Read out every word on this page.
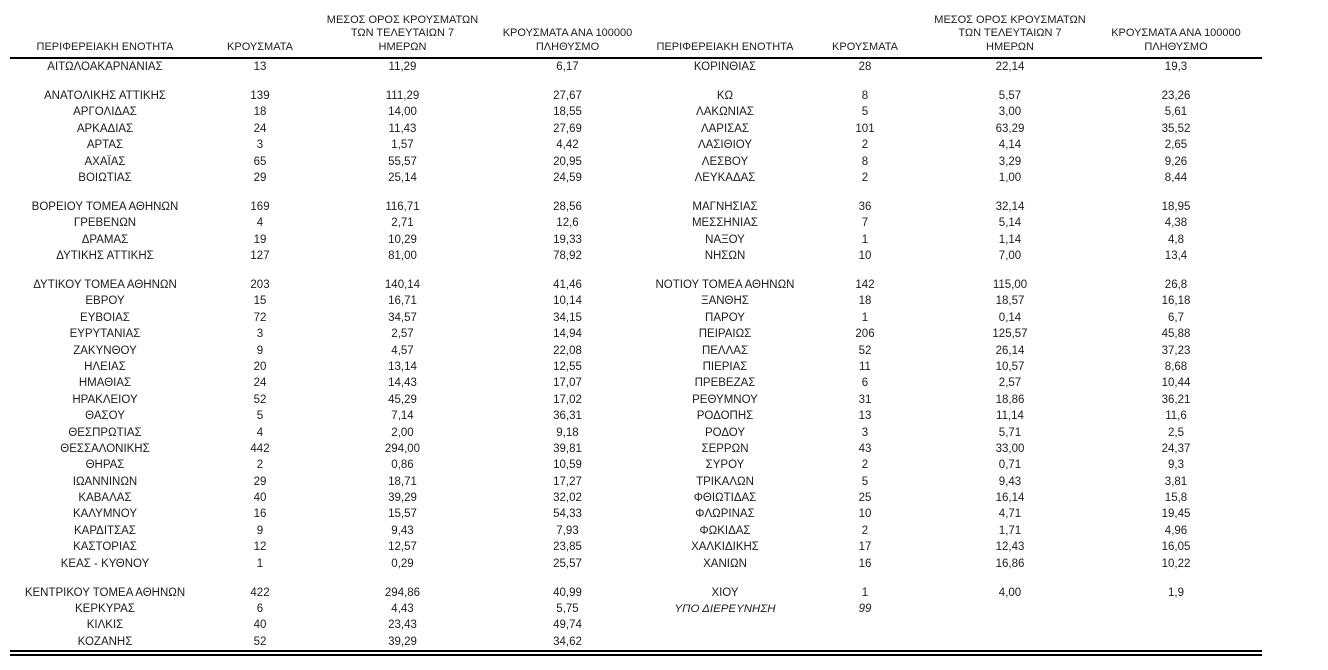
ΠΕΡΙΦΕΡΕΙΑΚΗ ΕΝΟΤΗΤΑ	ΚΡΟΥΣΜΑΤΑ	ΜΕΣΟΣ ΟΡΟΣ ΚΡΟΥΣΜΑΤΩΝ
ΤΩΝ ΤΕΛΕΥΤΑΙΩΝ 7
ΗΜΕΡΩΝ	ΚΡΟΥΣΜΑΤΑ ΑΝΑ 100000
ΠΛΗΘΥΣΜΟ	ΠΕΡΙΦΕΡΕΙΑΚΗ ΕΝΟΤΗΤΑ	ΚΡΟΥΣΜΑΤΑ	ΜΕΣΟΣ ΟΡΟΣ ΚΡΟΥΣΜΑΤΩΝ
ΤΩΝ ΤΕΛΕΥΤΑΙΩΝ 7
ΗΜΕΡΩΝ	ΚΡΟΥΣΜΑΤΑ ΑΝΑ 100000
ΠΛΗΘΥΣΜΟ
ΑΙΤΩΛΟΑΚΑΡΝΑΝΙΑΣ	13	11,29	6,17	ΚΟΡΙΝΘΙΑΣ	28	22,14	19,3

ΑΝΑΤΟΛΙΚΗΣ ΑΤΤΙΚΗΣ	139	111,29	27,67	ΚΩ	8	5,57	23,26
ΑΡΓΟΛΙΔΑΣ	18	14,00	18,55	ΛΑΚΩΝΙΑΣ	5	3,00	5,61
ΑΡΚΑΔΙΑΣ	24	11,43	27,69	ΛΑΡΙΣΑΣ	101	63,29	35,52
ΑΡΤΑΣ	3	1,57	4,42	ΛΑΣΙΘΙΟΥ	2	4,14	2,65
ΑΧΑΪΑΣ	65	55,57	20,95	ΛΕΣΒΟΥ	8	3,29	9,26
ΒΟΙΩΤΙΑΣ	29	25,14	24,59	ΛΕΥΚΑΔΑΣ	2	1,00	8,44

ΒΟΡΕΙΟΥ ΤΟΜΕΑ ΑΘΗΝΩΝ	169	116,71	28,56	ΜΑΓΝΗΣΙΑΣ	36	32,14	18,95
ΓΡΕΒΕΝΩΝ	4	2,71	12,6	ΜΕΣΣΗΝΙΑΣ	7	5,14	4,38
ΔΡΑΜΑΣ	19	10,29	19,33	ΝΑΞΟΥ	1	1,14	4,8
ΔΥΤΙΚΗΣ ΑΤΤΙΚΗΣ	127	81,00	78,92	ΝΗΣΩΝ	10	7,00	13,4

ΔΥΤΙΚΟΥ ΤΟΜΕΑ ΑΘΗΝΩΝ	203	140,14	41,46	ΝΟΤΙΟΥ ΤΟΜΕΑ ΑΘΗΝΩΝ	142	115,00	26,8
ΕΒΡΟΥ	15	16,71	10,14	ΞΑΝΘΗΣ	18	18,57	16,18
ΕΥΒΟΙΑΣ	72	34,57	34,15	ΠΑΡΟΥ	1	0,14	6,7
ΕΥΡΥΤΑΝΙΑΣ	3	2,57	14,94	ΠΕΙΡΑΙΩΣ	206	125,57	45,88
ΖΑΚΥΝΘΟΥ	9	4,57	22,08	ΠΕΛΛΑΣ	52	26,14	37,23
ΗΛΕΙΑΣ	20	13,14	12,55	ΠΙΕΡΙΑΣ	11	10,57	8,68
ΗΜΑΘΙΑΣ	24	14,43	17,07	ΠΡΕΒΕΖΑΣ	6	2,57	10,44
ΗΡΑΚΛΕΙΟΥ	52	45,29	17,02	ΡΕΘΥΜΝΟΥ	31	18,86	36,21
ΘΑΣΟΥ	5	7,14	36,31	ΡΟΔΟΠΗΣ	13	11,14	11,6
ΘΕΣΠΡΩΤΙΑΣ	4	2,00	9,18	ΡΟΔΟΥ	3	5,71	2,5
ΘΕΣΣΑΛΟΝΙΚΗΣ	442	294,00	39,81	ΣΕΡΡΩΝ	43	33,00	24,37
ΘΗΡΑΣ	2	0,86	10,59	ΣΥΡΟΥ	2	0,71	9,3
ΙΩΑΝΝΙΝΩΝ	29	18,71	17,27	ΤΡΙΚΑΛΩΝ	5	9,43	3,81
ΚΑΒΑΛΑΣ	40	39,29	32,02	ΦΘΙΩΤΙΔΑΣ	25	16,14	15,8
ΚΑΛΥΜΝΟΥ	16	15,57	54,33	ΦΛΩΡΙΝΑΣ	10	4,71	19,45
ΚΑΡΔΙΤΣΑΣ	9	9,43	7,93	ΦΩΚΙΔΑΣ	2	1,71	4,96
ΚΑΣΤΟΡΙΑΣ	12	12,57	23,85	ΧΑΛΚΙΔΙΚΗΣ	17	12,43	16,05
ΚΕΑΣ - ΚΥΘΝΟΥ	1	0,29	25,57	ΧΑΝΙΩΝ	16	16,86	10,22

ΚΕΝΤΡΙΚΟΥ ΤΟΜΕΑ ΑΘΗΝΩΝ	422	294,86	40,99	ΧΙΟΥ	1	4,00	1,9
ΚΕΡΚΥΡΑΣ	6	4,43	5,75	ΥΠΟ ΔΙΕΡΕΥΝΗΣΗ	99		
ΚΙΛΚΙΣ	40	23,43	49,74				
ΚΟΖΑΝΗΣ	52	39,29	34,62				
